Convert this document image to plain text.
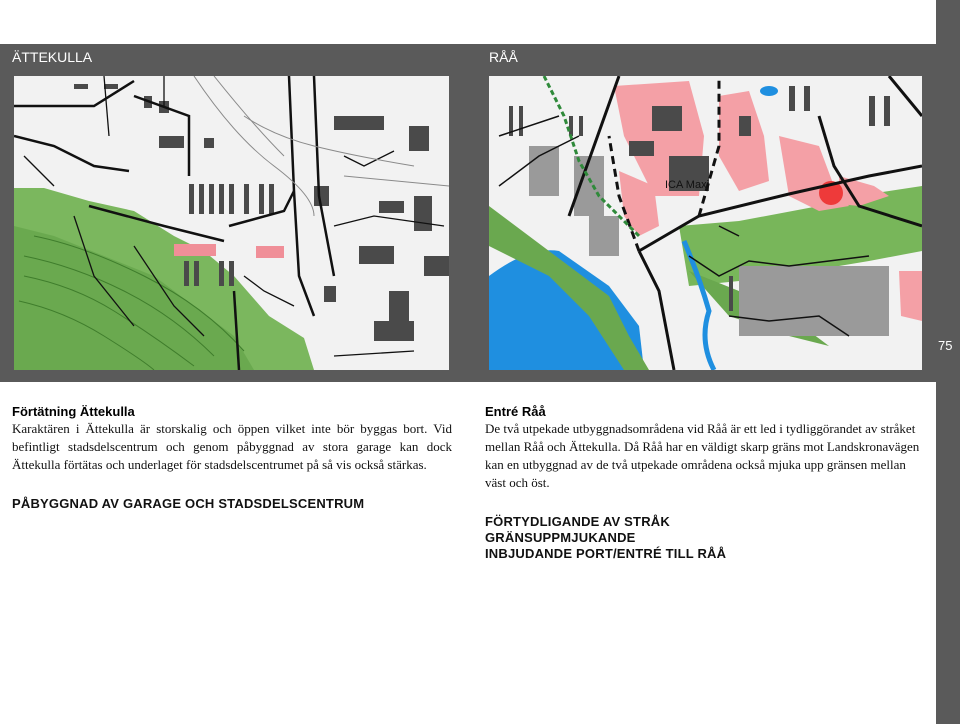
ÄTTEKULLA	RÅÅ
75
ICA Maxi
Förtätning Ättekulla
Karaktären i Ättekulla är storskalig och öppen vilket inte bör byggas bort. Vid befintligt stadsdelscentrum och genom påbyggnad av stora garage kan dock Ättekulla förtätas och underlaget för stadsdelscentrumet på så vis också stärkas.
PÅBYGGNAD AV GARAGE OCH STADSDELSCENTRUM
Entré Råå
De två utpekade utbyggnadsområdena vid Råå är ett led i tydliggörandet av stråket mellan Råå och Ättekulla. Då Råå har en väldigt skarp gräns mot Landskronavägen kan en utbyggnad av de två utpekade områdena också mjuka upp gränsen mellan väst och öst.
FÖRTYDLIGANDE AV STRÅK
GRÄNSUPPMJUKANDE
INBJUDANDE PORT/ENTRÉ TILL RÅÅ
